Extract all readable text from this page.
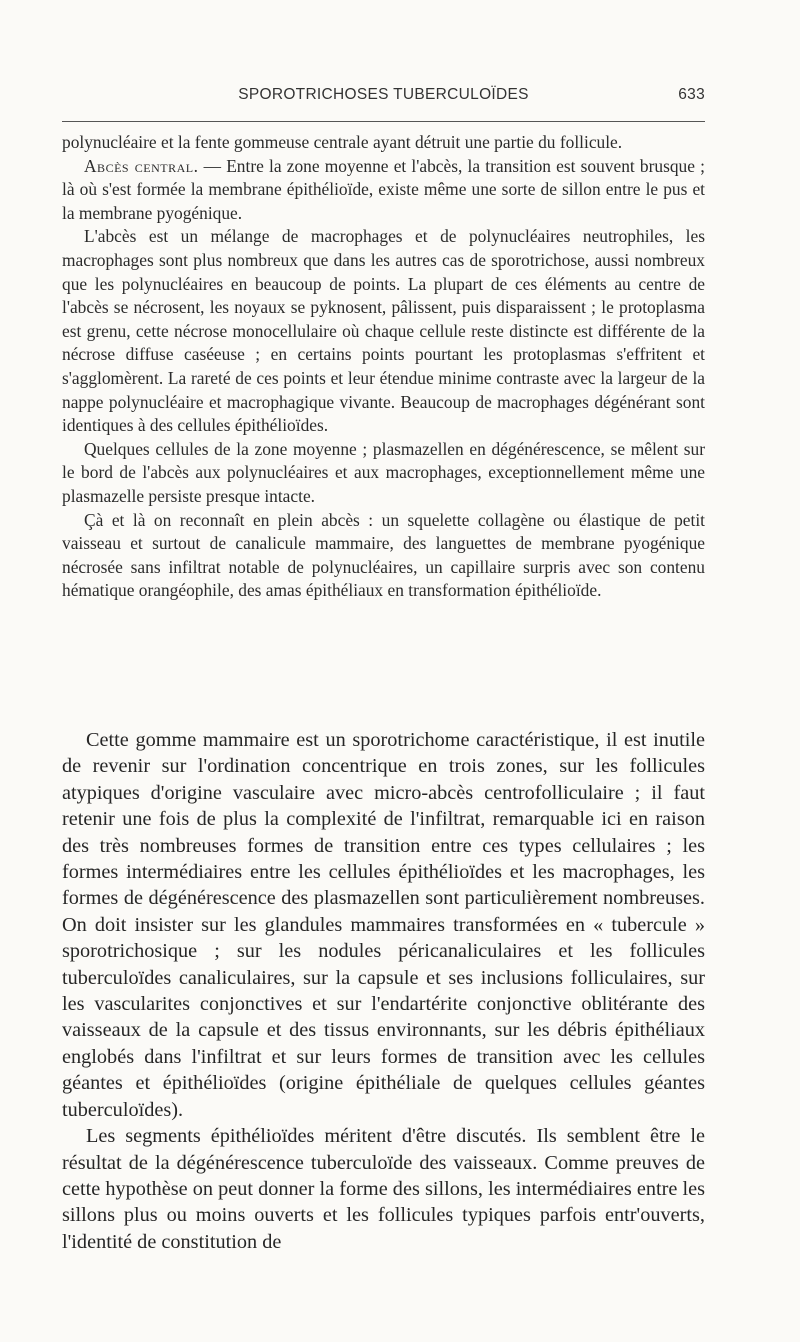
SPOROTRICHOSES TUBERCULOÏDES	633

polynucléaire et la fente gommeuse centrale ayant détruit une partie du follicule.

Abcès central. — Entre la zone moyenne et l'abcès, la transition est souvent brusque ; là où s'est formée la membrane épithélioïde, existe même une sorte de sillon entre le pus et la membrane pyogénique.

L'abcès est un mélange de macrophages et de polynucléaires neutrophiles, les macrophages sont plus nombreux que dans les autres cas de sporotrichose, aussi nombreux que les polynucléaires en beaucoup de points. La plupart de ces éléments au centre de l'abcès se nécrosent, les noyaux se pyknosent, pâlissent, puis disparaissent ; le protoplasma est grenu, cette nécrose monocellulaire où chaque cellule reste distincte est différente de la nécrose diffuse caséeuse ; en certains points pourtant les protoplasmas s'effritent et s'agglomèrent. La rareté de ces points et leur étendue minime contraste avec la largeur de la nappe polynucléaire et macrophagique vivante. Beaucoup de macrophages dégénérant sont identiques à des cellules épithélioïdes.

Quelques cellules de la zone moyenne ; plasmazellen en dégénérescence, se mêlent sur le bord de l'abcès aux polynucléaires et aux macrophages, exceptionnellement même une plasmazelle persiste presque intacte.

Çà et là on reconnaît en plein abcès : un squelette collagène ou élastique de petit vaisseau et surtout de canalicule mammaire, des languettes de membrane pyogénique nécrosée sans infiltrat notable de polynucléaires, un capillaire surpris avec son contenu hématique orangéophile, des amas épithéliaux en transformation épithélioïde.

Cette gomme mammaire est un sporotrichome caractéristique, il est inutile de revenir sur l'ordination concentrique en trois zones, sur les follicules atypiques d'origine vasculaire avec micro-abcès centrofolliculaire ; il faut retenir une fois de plus la complexité de l'infiltrat, remarquable ici en raison des très nombreuses formes de transition entre ces types cellulaires ; les formes intermédiaires entre les cellules épithélioïdes et les macrophages, les formes de dégénérescence des plasmazellen sont particulièrement nombreuses. On doit insister sur les glandules mammaires transformées en « tubercule » sporotrichosique ; sur les nodules péricanaliculaires et les follicules tuberculoïdes canaliculaires, sur la capsule et ses inclusions folliculaires, sur les vascularites conjonctives et sur l'endartérite conjonctive oblitérante des vaisseaux de la capsule et des tissus environnants, sur les débris épithéliaux englobés dans l'infiltrat et sur leurs formes de transition avec les cellules géantes et épithélioïdes (origine épithéliale de quelques cellules géantes tuberculoïdes).

Les segments épithélioïdes méritent d'être discutés. Ils semblent être le résultat de la dégénérescence tuberculoïde des vaisseaux. Comme preuves de cette hypothèse on peut donner la forme des sillons, les intermédiaires entre les sillons plus ou moins ouverts et les follicules typiques parfois entr'ouverts, l'identité de constitution de
